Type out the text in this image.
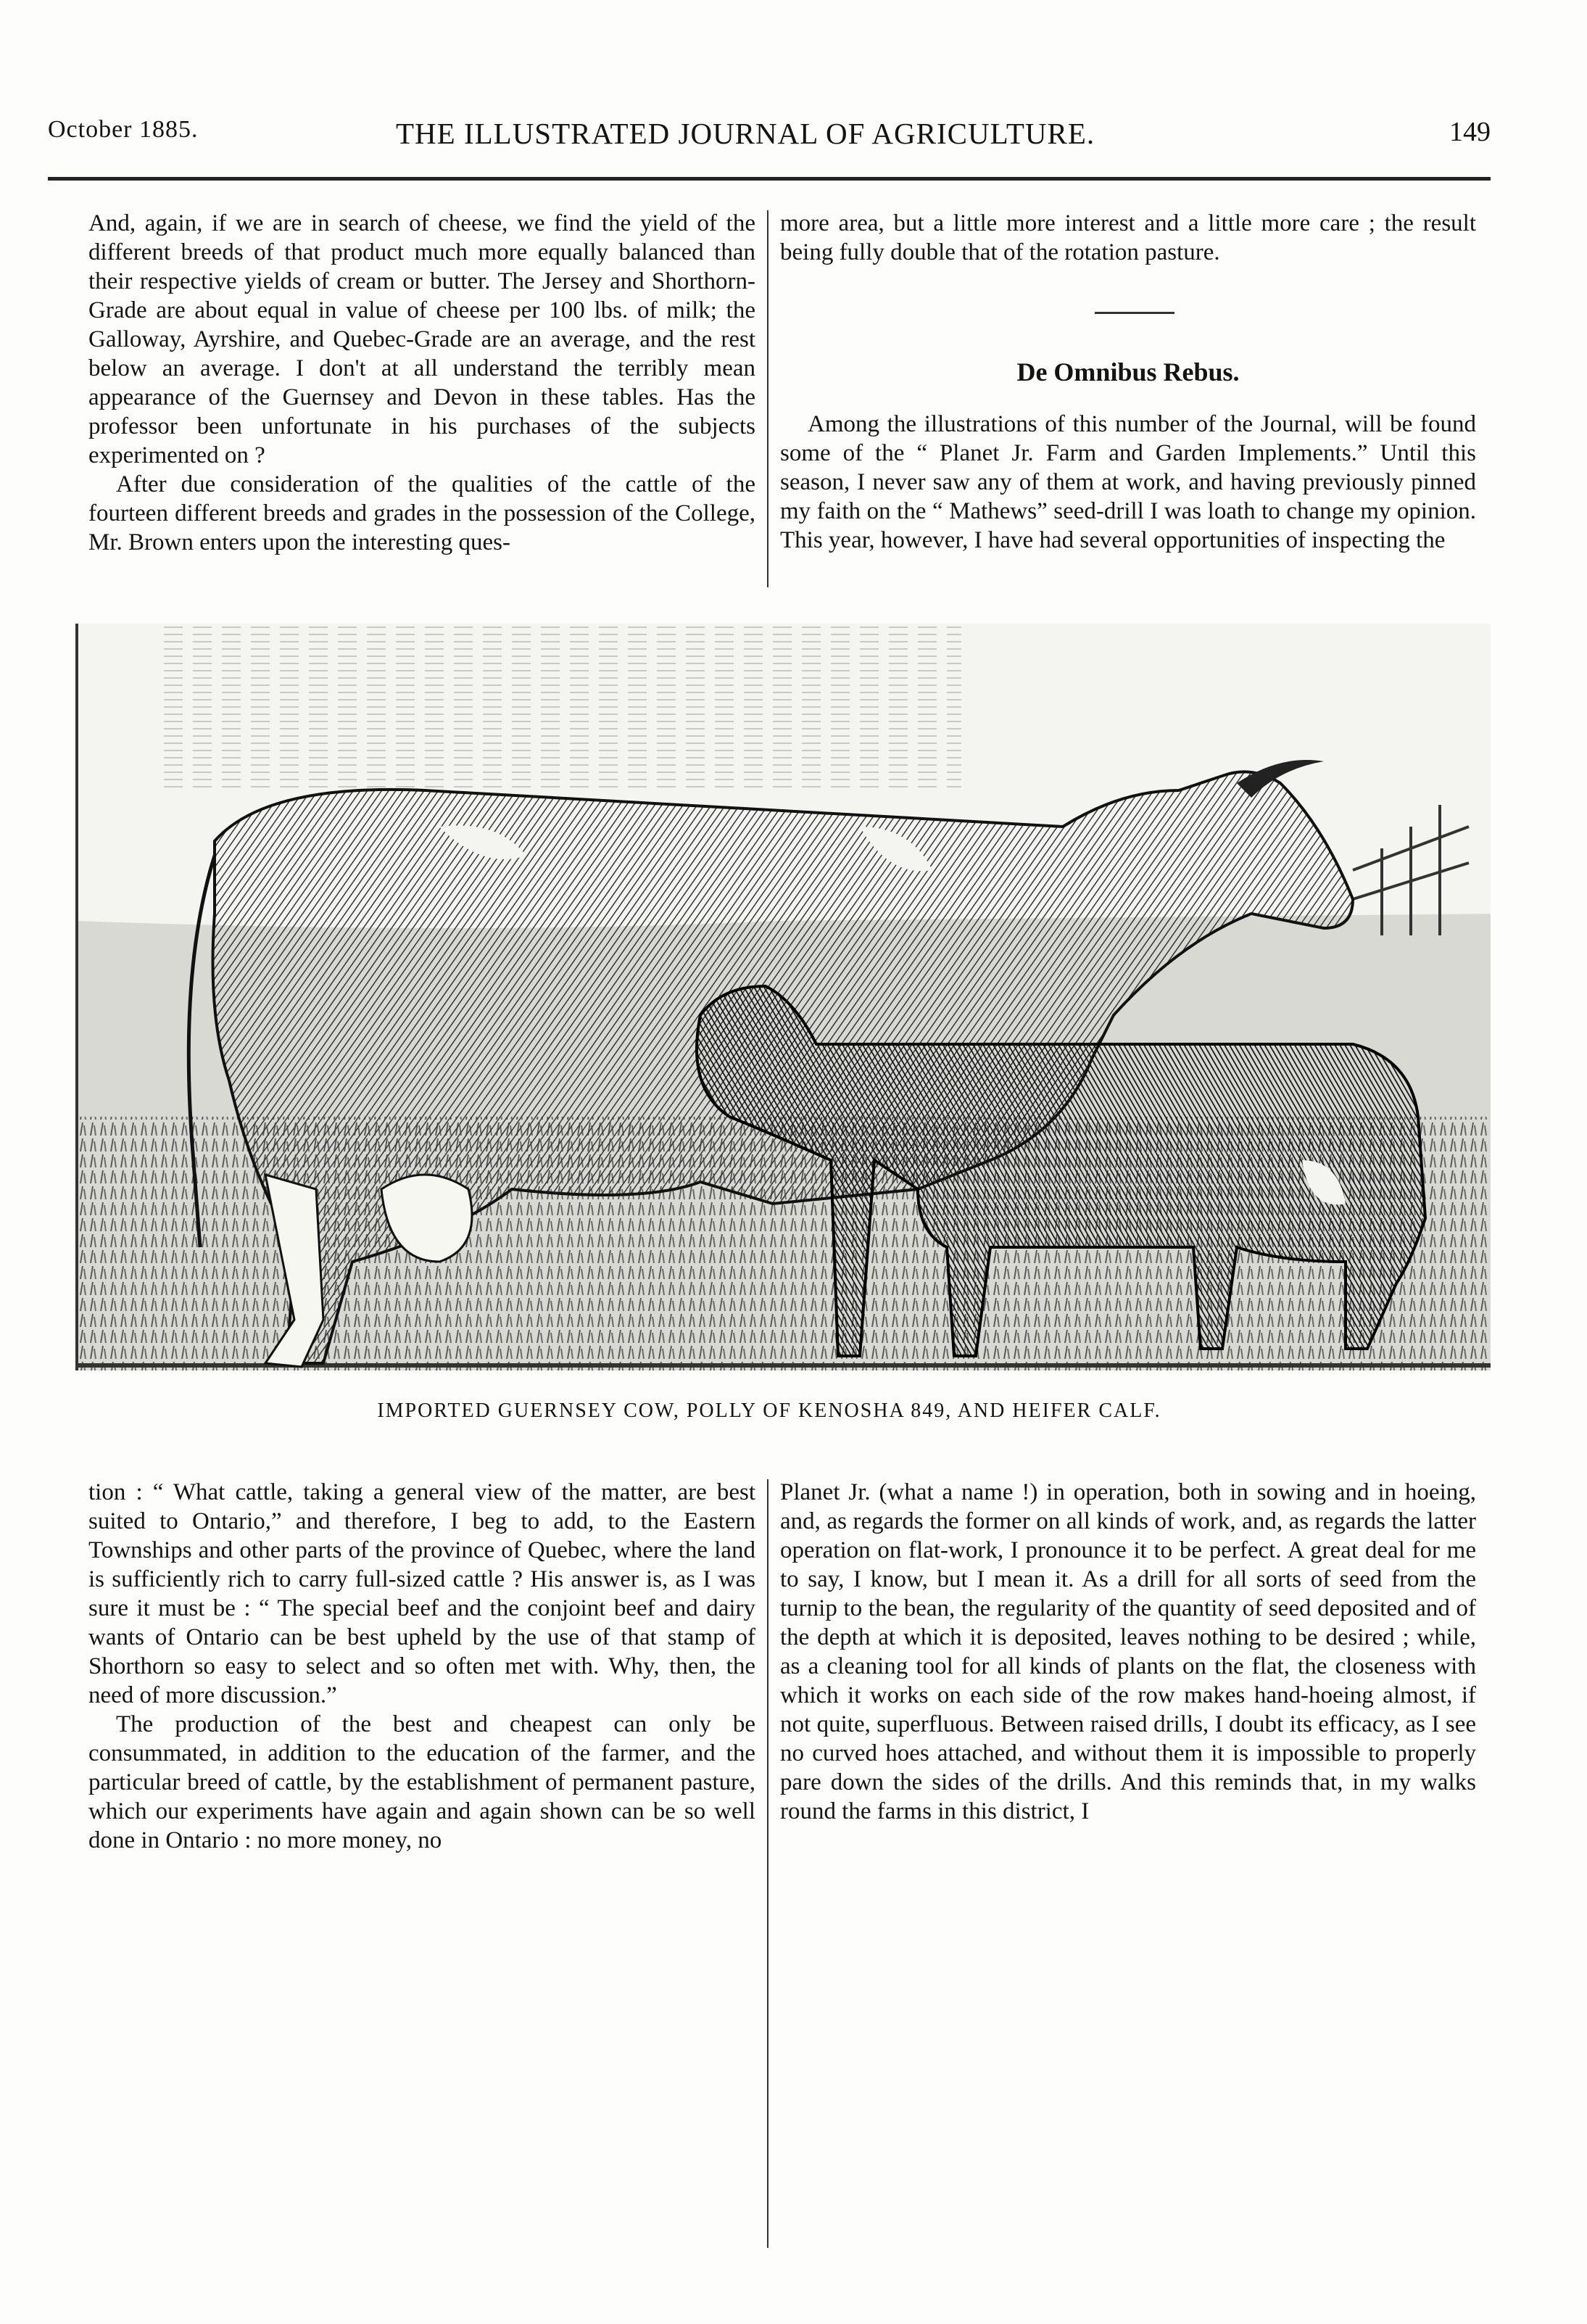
October 1885.	THE ILLUSTRATED JOURNAL OF AGRICULTURE.	149

And, again, if we are in search of cheese, we find the yield of the different breeds of that product much more equally balanced than their respective yields of cream or butter. The Jersey and Shorthorn-Grade are about equal in value of cheese per 100 lbs. of milk; the Galloway, Ayrshire, and Quebec-Grade are an average, and the rest below an average. I don't at all understand the terribly mean appearance of the Guernsey and Devon in these tables. Has the professor been unfortunate in his purchases of the subjects experimented on ?

After due consideration of the qualities of the cattle of the fourteen different breeds and grades in the possession of the College, Mr. Brown enters upon the interesting ques-

more area, but a little more interest and a little more care ; the result being fully double that of the rotation pasture.

De Omnibus Rebus.

Among the illustrations of this number of the Journal, will be found some of the “ Planet Jr. Farm and Garden Implements.” Until this season, I never saw any of them at work, and having previously pinned my faith on the “ Mathews” seed-drill I was loath to change my opinion. This year, however, I have had several opportunities of inspecting the

IMPORTED GUERNSEY COW, POLLY OF KENOSHA 849, AND HEIFER CALF.

tion : “ What cattle, taking a general view of the matter, are best suited to Ontario,” and therefore, I beg to add, to the Eastern Townships and other parts of the province of Quebec, where the land is sufficiently rich to carry full-sized cattle ? His answer is, as I was sure it must be : “ The special beef and the conjoint beef and dairy wants of Ontario can be best upheld by the use of that stamp of Shorthorn so easy to select and so often met with. Why, then, the need of more discussion.”

The production of the best and cheapest can only be consummated, in addition to the education of the farmer, and the particular breed of cattle, by the establishment of permanent pasture, which our experiments have again and again shown can be so well done in Ontario : no more money, no

Planet Jr. (what a name !) in operation, both in sowing and in hoeing, and, as regards the former on all kinds of work, and, as regards the latter operation on flat-work, I pronounce it to be perfect. A great deal for me to say, I know, but I mean it. As a drill for all sorts of seed from the turnip to the bean, the regularity of the quantity of seed deposited and of the depth at which it is deposited, leaves nothing to be desired ; while, as a cleaning tool for all kinds of plants on the flat, the closeness with which it works on each side of the row makes hand-hoeing almost, if not quite, superfluous. Between raised drills, I doubt its efficacy, as I see no curved hoes attached, and without them it is impossible to properly pare down the sides of the drills. And this reminds that, in my walks round the farms in this district, I
